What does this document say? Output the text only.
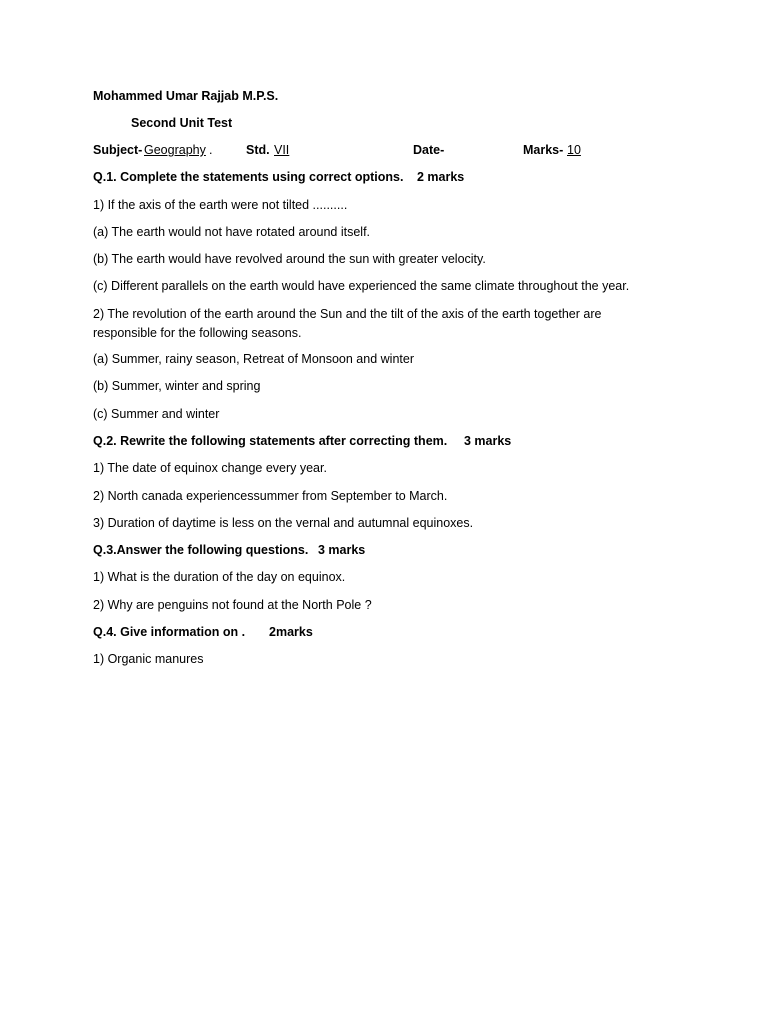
Mohammed Umar Rajjab M.P.S.
Second Unit Test
Subject- Geography .	Std. VII	Date-	Marks- 10
Q.1. Complete the statements using correct options. 2 marks
1) If the axis of the earth were not tilted ..........
(a) The earth would not have rotated around itself.
(b) The earth would have revolved around the sun with greater velocity.
(c) Different parallels on the earth would have experienced the same climate throughout the year.
2) The revolution of the earth around the Sun and the tilt of the axis of the earth together are responsible for the following seasons.
(a) Summer, rainy season, Retreat of Monsoon and winter
(b) Summer, winter and spring
(c) Summer and winter
Q.2. Rewrite the following statements after correcting them. 3 marks
1) The date of equinox change every year.
2) North canada experiencessummer from September to March.
3) Duration of daytime is less on the vernal and autumnal equinoxes.
Q.3.Answer the following questions. 3 marks
1) What is the duration of the day on equinox.
2) Why are penguins not found at the North Pole ?
Q.4. Give information on . 2marks
1) Organic manures
